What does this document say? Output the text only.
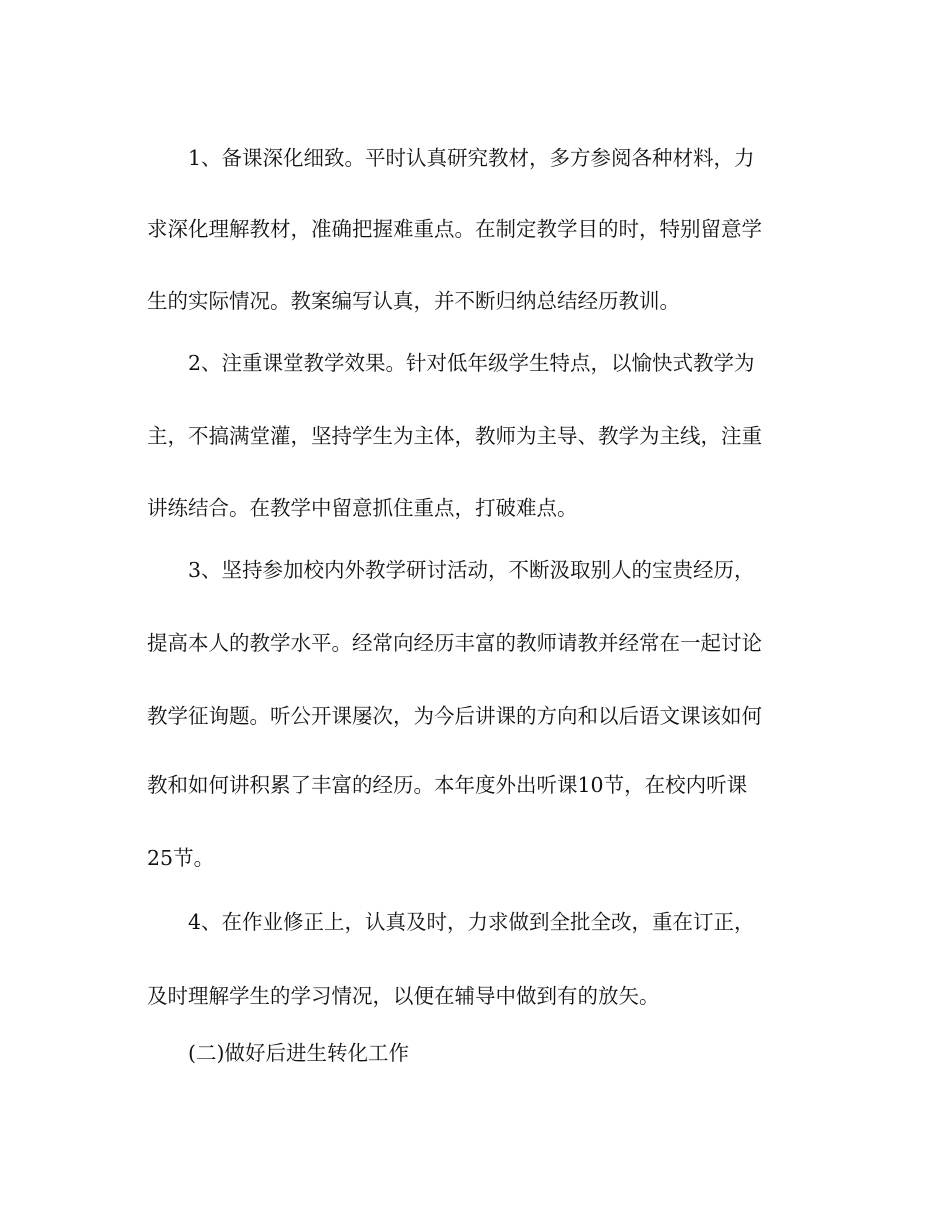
1、备课深化细致。平时认真研究教材，多方参阅各种材料，力
求深化理解教材，准确把握难重点。在制定教学目的时，特别留意学
生的实际情况。教案编写认真，并不断归纳总结经历教训。
2、注重课堂教学效果。针对低年级学生特点，以愉快式教学为
主，不搞满堂灌，坚持学生为主体，教师为主导、教学为主线，注重
讲练结合。在教学中留意抓住重点，打破难点。
3、坚持参加校内外教学研讨活动，不断汲取别人的宝贵经历，
提高本人的教学水平。经常向经历丰富的教师请教并经常在一起讨论
教学征询题。听公开课屡次，为今后讲课的方向和以后语文课该如何
教和如何讲积累了丰富的经历。本年度外出听课10节，在校内听课
25节。
4、在作业修正上，认真及时，力求做到全批全改，重在订正，
及时理解学生的学习情况，以便在辅导中做到有的放矢。
(二)做好后进生转化工作
